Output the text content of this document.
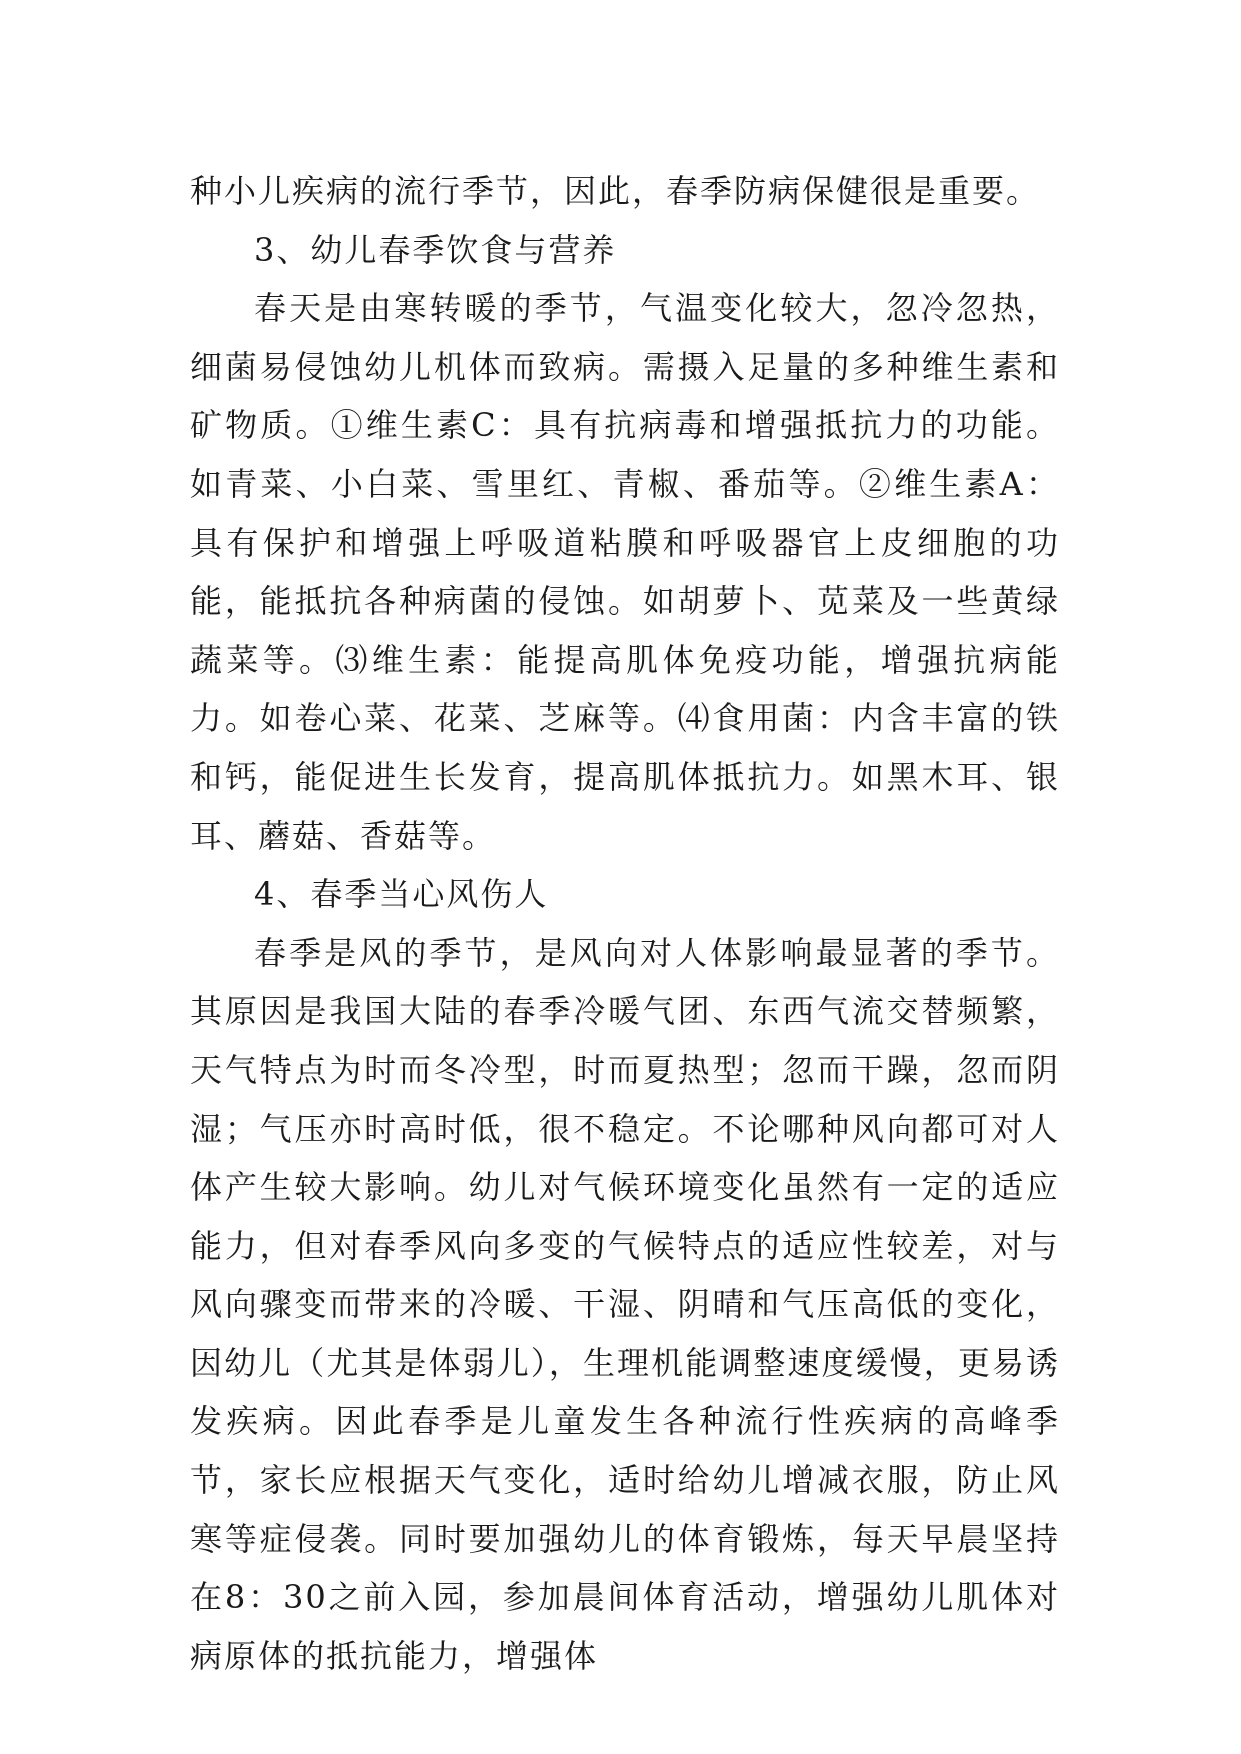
种小儿疾病的流行季节，因此，春季防病保健很是重要。

3、幼儿春季饮食与营养

春天是由寒转暖的季节，气温变化较大，忽冷忽热，细菌易侵蚀幼儿机体而致病。需摄入足量的多种维生素和矿物质。①维生素C：具有抗病毒和增强抵抗力的功能。如青菜、小白菜、雪里红、青椒、番茄等。②维生素A：具有保护和增强上呼吸道粘膜和呼吸器官上皮细胞的功能，能抵抗各种病菌的侵蚀。如胡萝卜、苋菜及一些黄绿蔬菜等。⑶维生素：能提高肌体免疫功能，增强抗病能力。如卷心菜、花菜、芝麻等。⑷食用菌：内含丰富的铁和钙，能促进生长发育，提高肌体抵抗力。如黑木耳、银耳、蘑菇、香菇等。

4、春季当心风伤人

春季是风的季节，是风向对人体影响最显著的季节。其原因是我国大陆的春季冷暖气团、东西气流交替频繁，天气特点为时而冬冷型，时而夏热型；忽而干躁，忽而阴湿；气压亦时高时低，很不稳定。不论哪种风向都可对人体产生较大影响。幼儿对气候环境变化虽然有一定的适应能力，但对春季风向多变的气候特点的适应性较差，对与风向骤变而带来的冷暖、干湿、阴晴和气压高低的变化，因幼儿（尤其是体弱儿），生理机能调整速度缓慢，更易诱发疾病。因此春季是儿童发生各种流行性疾病的高峰季节，家长应根据天气变化，适时给幼儿增减衣服，防止风寒等症侵袭。同时要加强幼儿的体育锻炼，每天早晨坚持在8：30之前入园，参加晨间体育活动，增强幼儿肌体对病原体的抵抗能力，增强体
